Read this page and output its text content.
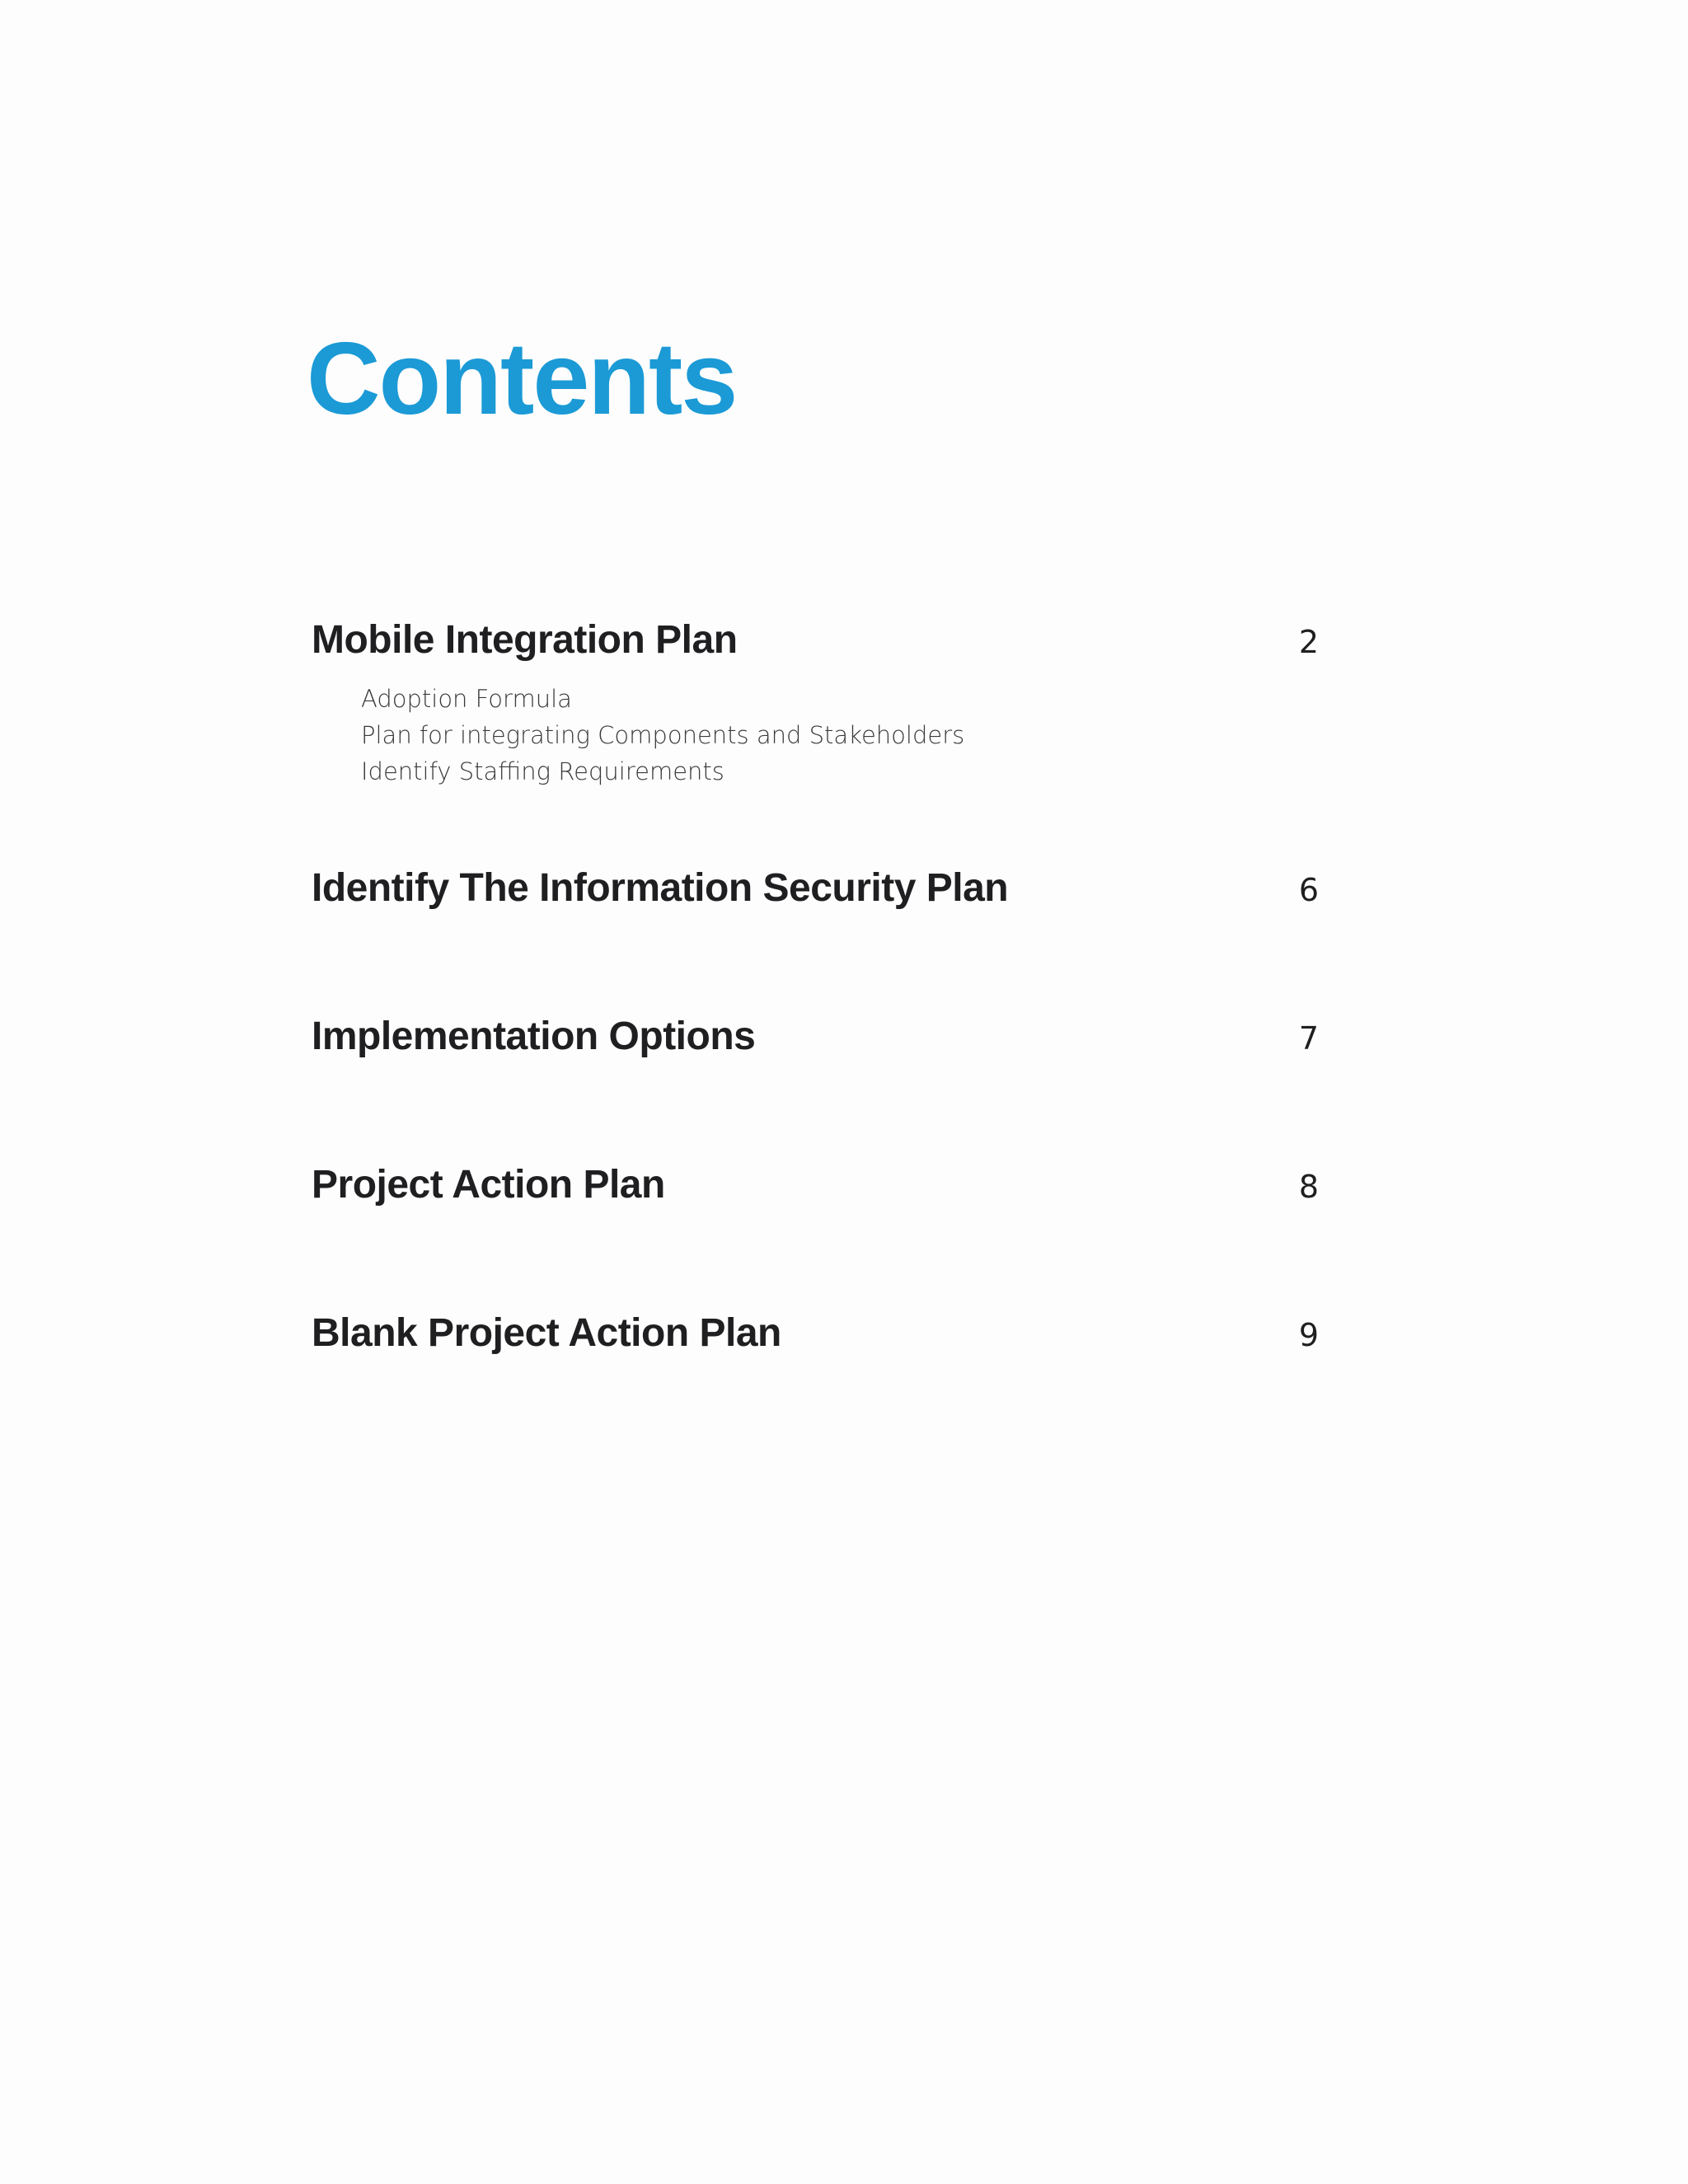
Contents
Mobile Integration Plan	2
Adoption Formula
Plan for integrating Components and Stakeholders
Identify Staffing Requirements
Identify The Information Security Plan	6
Implementation Options	7
Project Action Plan	8
Blank Project Action Plan	9
